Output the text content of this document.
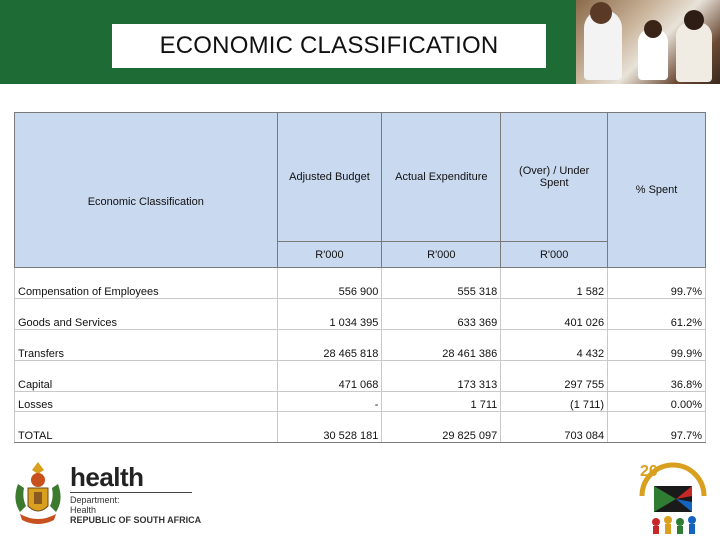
ECONOMIC CLASSIFICATION
Economic Classification	Adjusted Budget	Actual Expenditure	(Over) / Under Spent	% Spent
	R'000	R'000	R'000	
Compensation of Employees	556 900	555 318	1 582	99.7%
Goods and Services	1 034 395	633 369	401 026	61.2%
Transfers	28 465 818	28 461 386	4 432	99.9%
Capital	471 068	173 313	297 755	36.8%
Losses	-	1 711	(1 711)	0.00%
TOTAL	30 528 181	29 825 097	703 084	97.7%
health
Department:
Health
REPUBLIC OF SOUTH AFRICA
20
